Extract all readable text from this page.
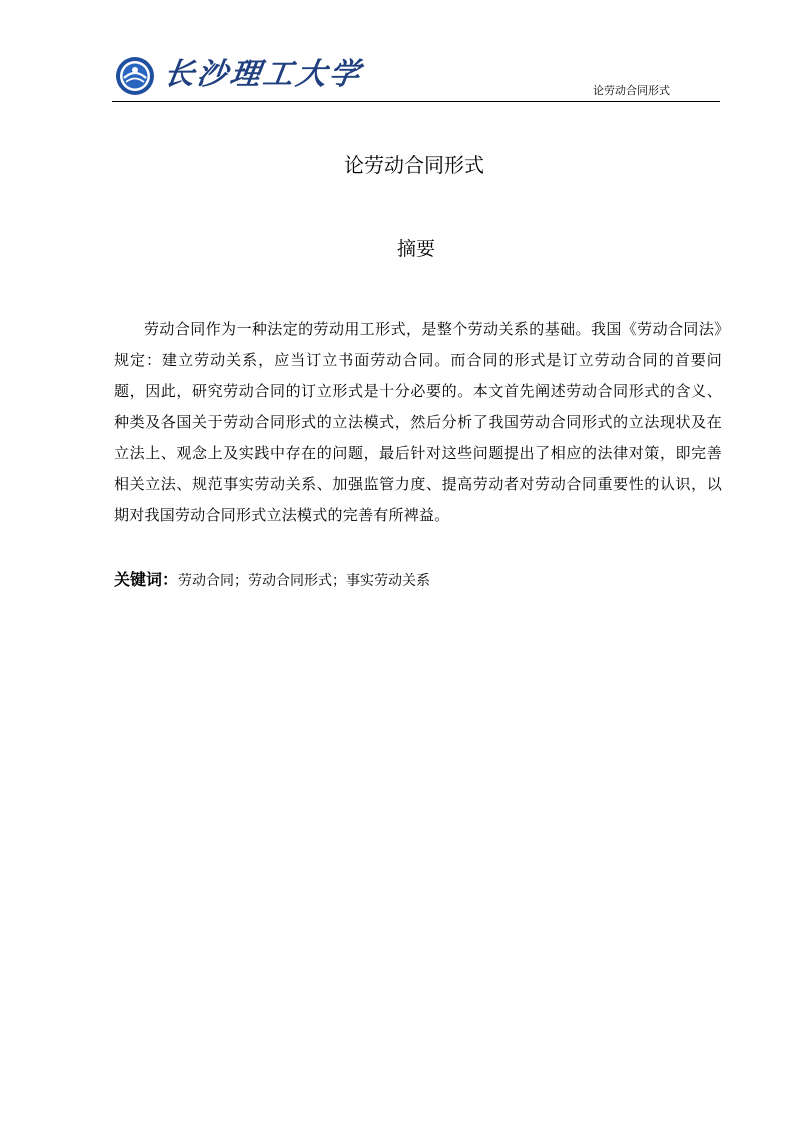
长沙理工大学	论劳动合同形式
论劳动合同形式
摘要

劳动合同作为一种法定的劳动用工形式，是整个劳动关系的基础。我国《劳动合同法》规定：建立劳动关系，应当订立书面劳动合同。而合同的形式是订立劳动合同的首要问题，因此，研究劳动合同的订立形式是十分必要的。本文首先阐述劳动合同形式的含义、种类及各国关于劳动合同形式的立法模式，然后分析了我国劳动合同形式的立法现状及在立法上、观念上及实践中存在的问题，最后针对这些问题提出了相应的法律对策，即完善相关立法、规范事实劳动关系、加强监管力度、提高劳动者对劳动合同重要性的认识，以期对我国劳动合同形式立法模式的完善有所裨益。

关键词：劳动合同；劳动合同形式；事实劳动关系
